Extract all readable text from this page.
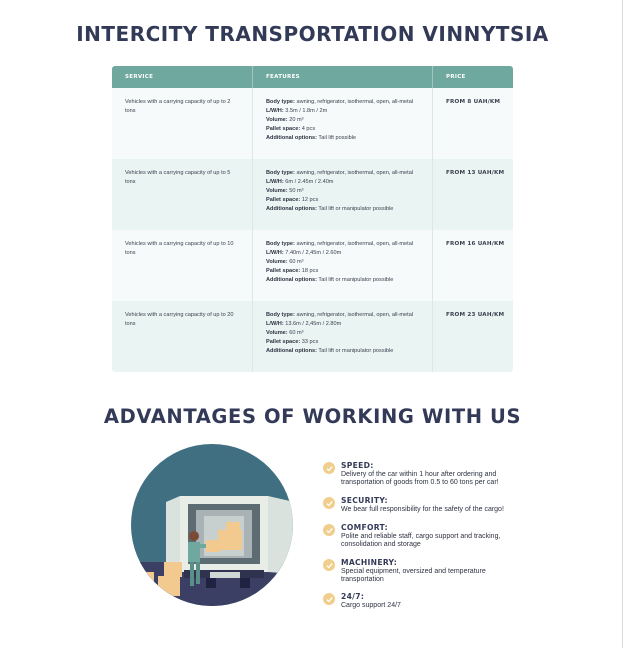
INTERCITY TRANSPORTATION VINNYTSIA
SERVICE	FEATURES	PRICE
Vehicles with a carrying capacity of up to 2 tons
Body type: awning, refrigerator, isothermal, open, all-metal
L/W/H: 3.5m / 1.8m / 2m
Volume: 20 m³
Pallet space: 4 pcs
Additional options: Tail lift possible
FROM 8 UAH/KM
Vehicles with a carrying capacity of up to 5 tons
Body type: awning, refrigerator, isothermal, open, all-metal
L/W/H: 6m / 2.45m / 2.40m
Volume: 50 m³
Pallet space: 12 pcs
Additional options: Tail lift or manipulator possible
FROM 13 UAH/KM
Vehicles with a carrying capacity of up to 10 tons
Body type: awning, refrigerator, isothermal, open, all-metal
L/W/H: 7.40m / 2,45m / 2.60m
Volume: 60 m³
Pallet space: 18 pcs
Additional options: Tail lift or manipulator possible
FROM 16 UAH/KM
Vehicles with a carrying capacity of up to 20 tons
Body type: awning, refrigerator, isothermal, open, all-metal
L/W/H: 13.6m / 2,45m / 2.80m
Volume: 60 m³
Pallet space: 33 pcs
Additional options: Tail lift or manipulator possible
FROM 23 UAH/KM
ADVANTAGES OF WORKING WITH US
SPEED:
Delivery of the car within 1 hour after ordering and transportation of goods from 0.5 to 60 tons per car!
SECURITY:
We bear full responsibility for the safety of the cargo!
COMFORT:
Polite and reliable staff, cargo support and tracking, consolidation and storage
MACHINERY:
Special equipment, oversized and temperature transportation
24/7:
Cargo support 24/7
